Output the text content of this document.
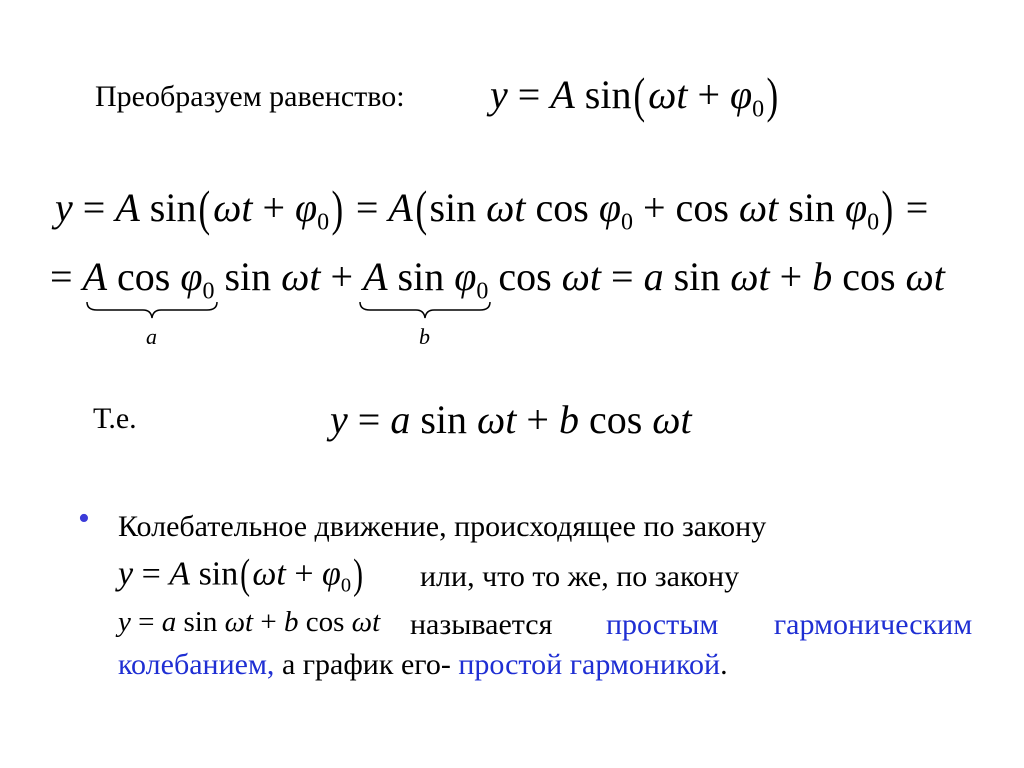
Преобразуем равенство: y = A $\sin(\omega t + \varphi_0)$
y = A $\sin(\omega t + \varphi_0) = A(\sin$ ωt $\cos \varphi_0 + \cos \omega t$ $\sin \varphi_0$) =
= A $\cos \varphi_0$ sin ωt + A $\sin \varphi_0$ cos ωt = a sin ωt + b cos ωt
a	b
Т.е.	y = a sin ωt + b cos ωt
• Колебательное движение, происходящее по закону
y = A $\sin(\omega t + \varphi_0)$ или, что то же, по закону
y = a sin ωt + b cos ωt называется простым гармоническим
колебанием, а график его- простой гармоникой.
